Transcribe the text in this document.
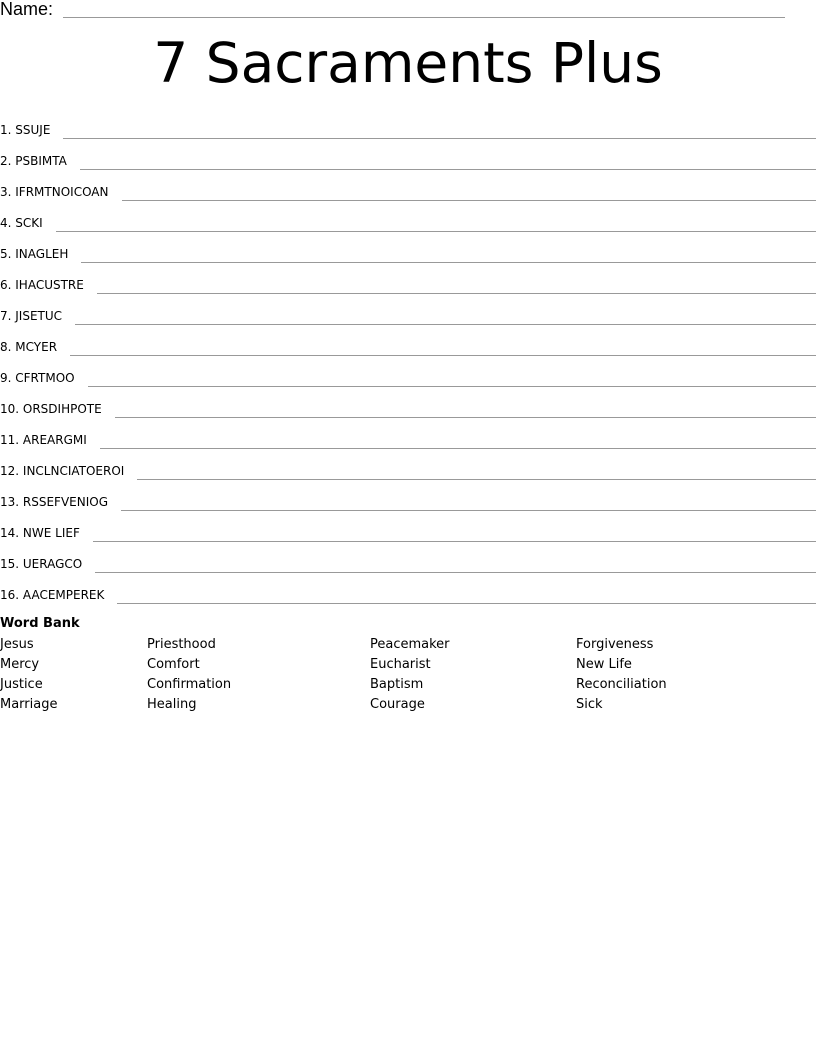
Name:
7 Sacraments Plus
1. SSUJE
2. PSBIMTA
3. IFRMTNOICOAN
4. SCKI
5. INAGLEH
6. IHACUSTRE
7. JISETUC
8. MCYER
9. CFRTMOO
10. ORSDIHPOTE
11. AREARGMI
12. INCLNCIATOEROI
13. RSSEFVENIOG
14. NWE LIEF
15. UERAGCO
16. AACEMPEREK
Word Bank
Jesus
Mercy
Justice
Marriage
Priesthood
Comfort
Confirmation
Healing
Peacemaker
Eucharist
Baptism
Courage
Forgiveness
New Life
Reconciliation
Sick
